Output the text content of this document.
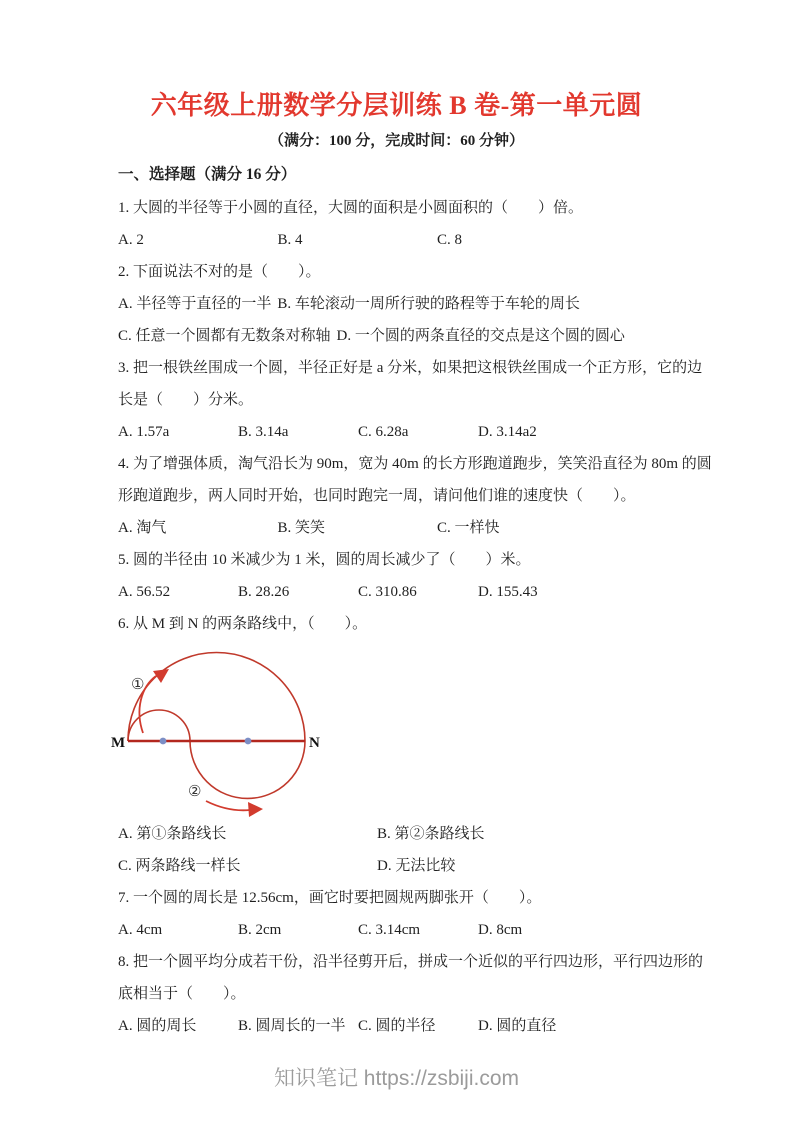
六年级上册数学分层训练 B 卷-第一单元圆

（满分：100 分，完成时间：60 分钟）

一、选择题（满分 16 分）

1. 大圆的半径等于小圆的直径，大圆的面积是小圆面积的（　　）倍。

A. 2	B. 4	C. 8

2. 下面说法不对的是（　　）。

A. 半径等于直径的一半 B. 车轮滚动一周所行驶的路程等于车轮的周长
C. 任意一个圆都有无数条对称轴 D. 一个圆的两条直径的交点是这个圆的圆心

3. 把一根铁丝围成一个圆，半径正好是 a 分米，如果把这根铁丝围成一个正方形，它的边

长是（　　）分米。

A. 1.57a	B. 3.14a	C. 6.28a	D. 3.14a2

4. 为了增强体质，淘气沿长为 90m，宽为 40m 的长方形跑道跑步，笑笑沿直径为 80m 的圆

形跑道跑步，两人同时开始，也同时跑完一周，请问他们谁的速度快（　　）。

A. 淘气	B. 笑笑	C. 一样快

5. 圆的半径由 10 米减少为 1 米，圆的周长减少了（　　）米。

A. 56.52	B. 28.26	C. 310.86	D. 155.43

6. 从 M 到 N 的两条路线中，（　　）。

M	N
①
②
A. 第①条路线长	B. 第②条路线长
C. 两条路线一样长	D. 无法比较

7. 一个圆的周长是 12.56cm，画它时要把圆规两脚张开（　　）。

A. 4cm	B. 2cm	C. 3.14cm	D. 8cm

8. 把一个圆平均分成若干份，沿半径剪开后，拼成一个近似的平行四边形，平行四边形的

底相当于（　　）。

A. 圆的周长	B. 圆周长的一半 C. 圆的半径	D. 圆的直径
知识笔记 https://zsbiji.com
